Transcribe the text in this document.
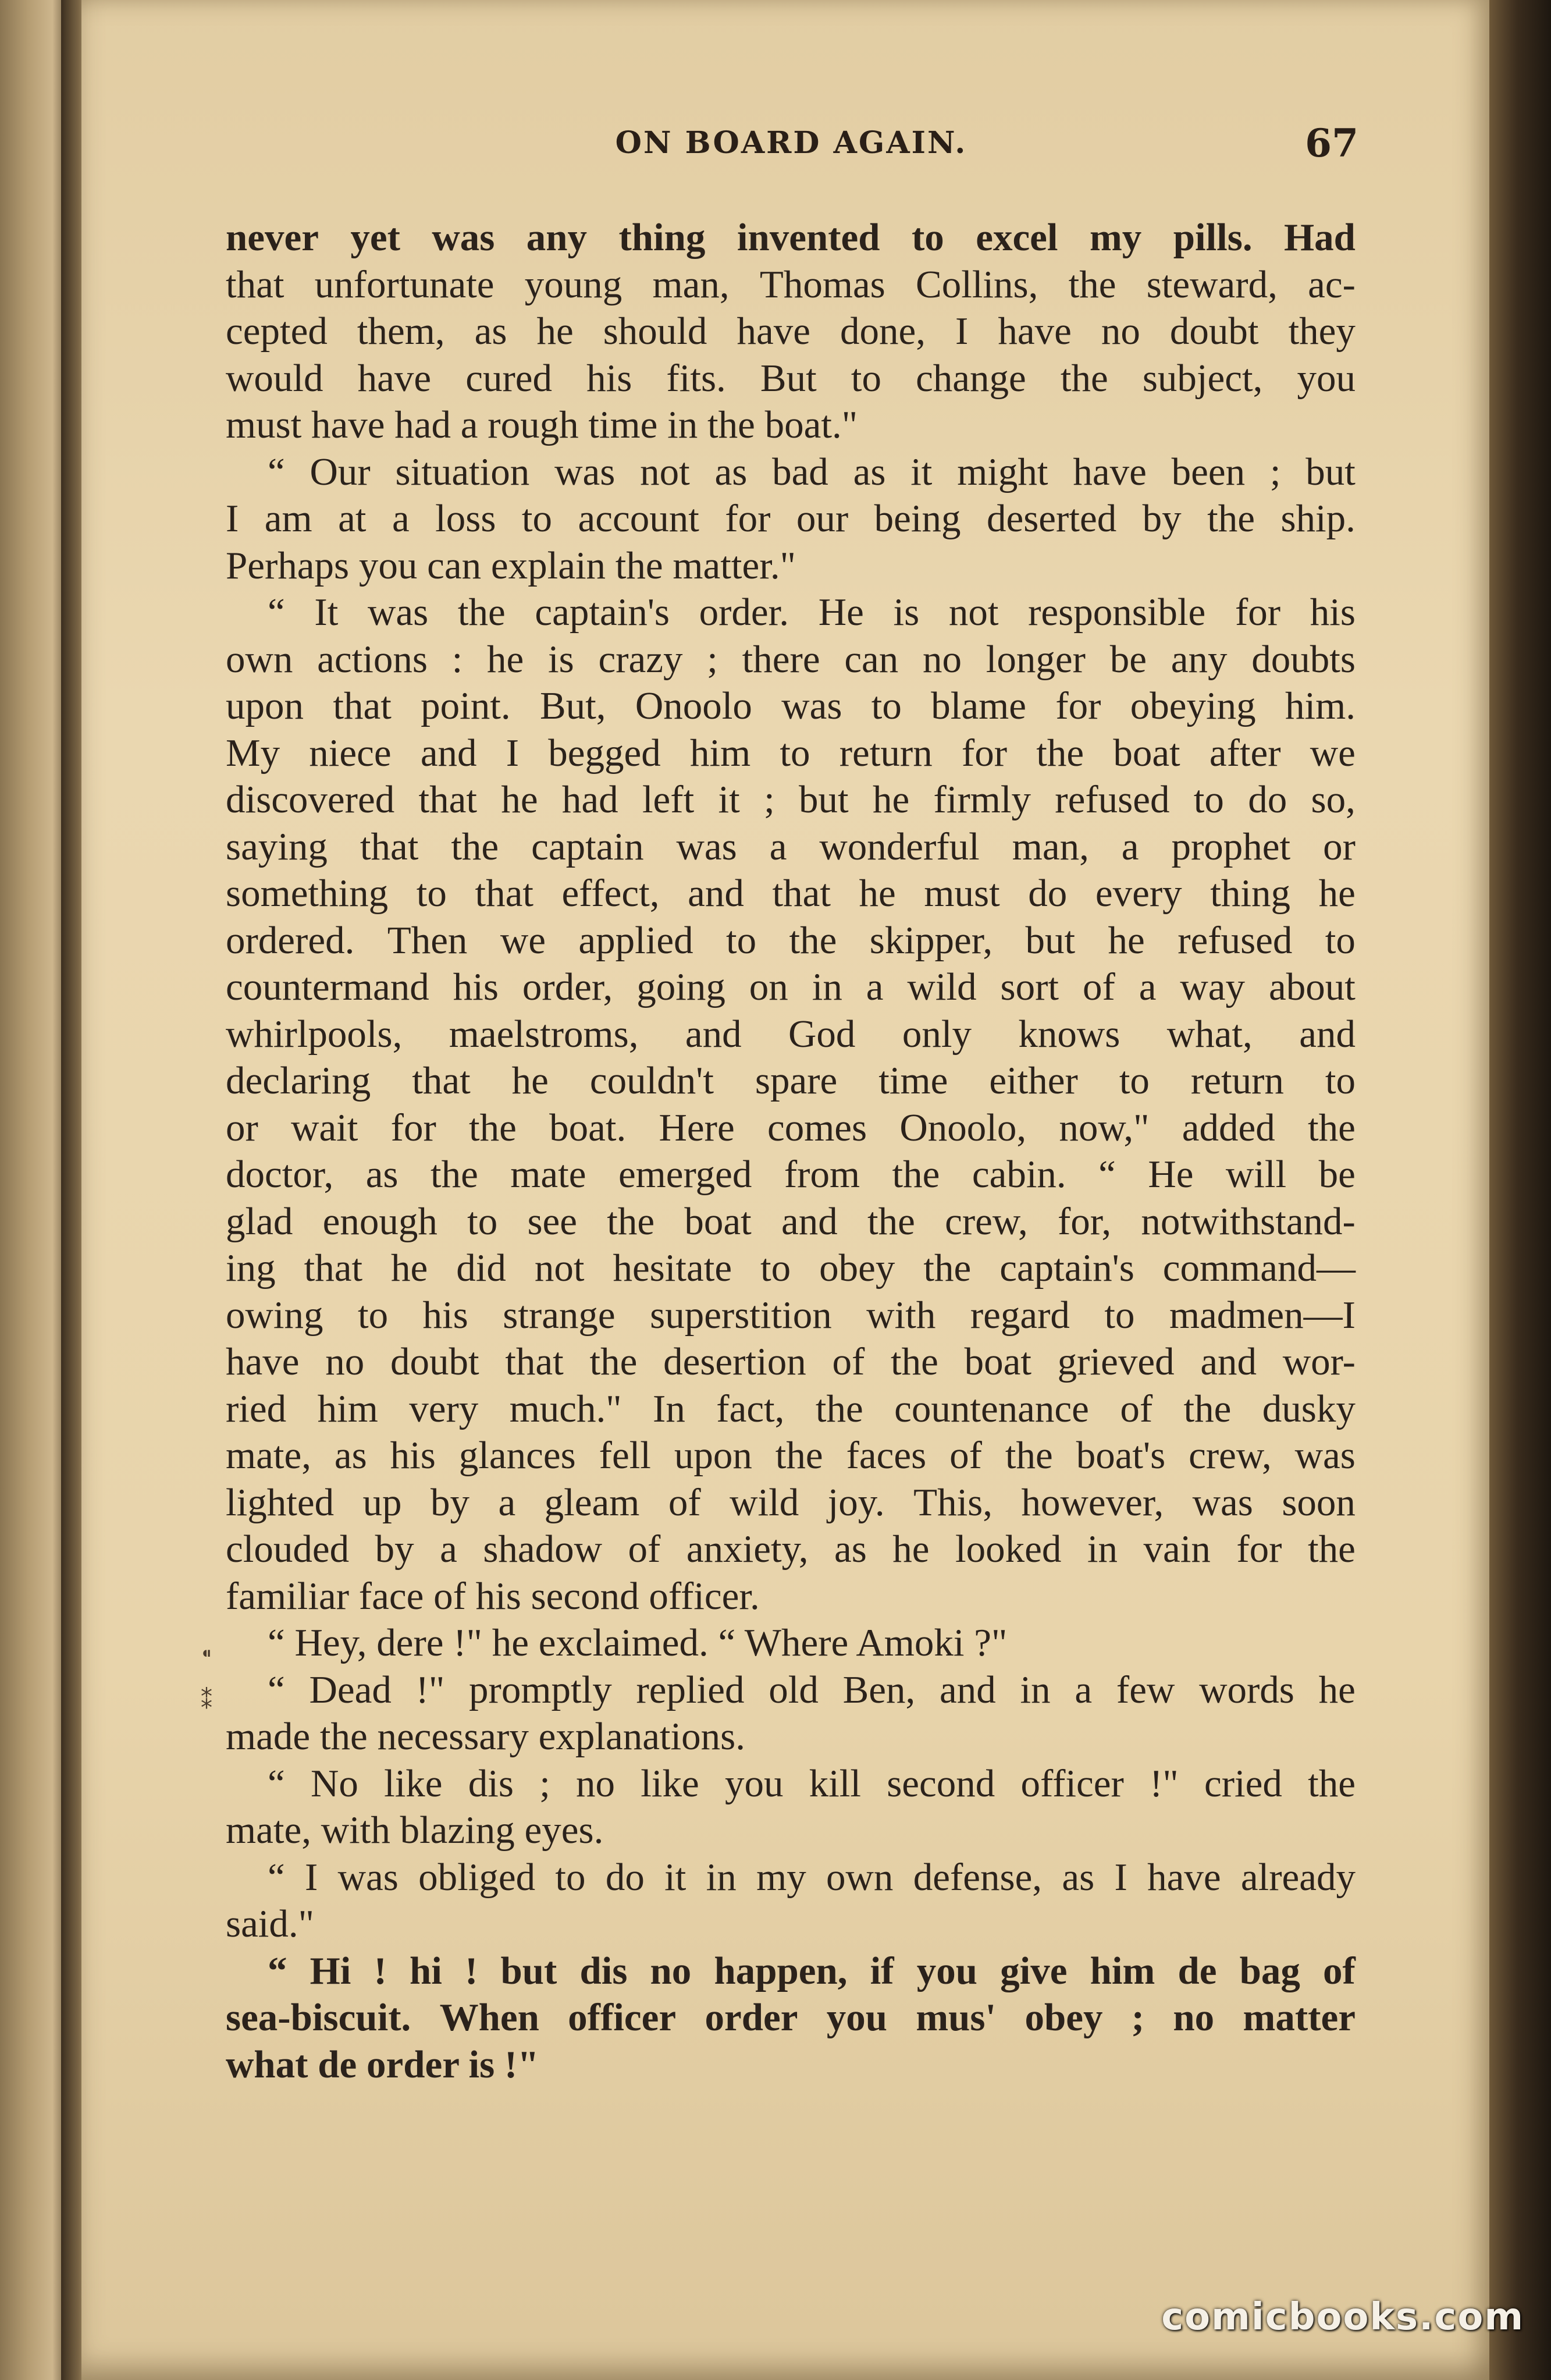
ON BOARD AGAIN.	67
⁌
⁑
never yet was any thing invented to excel my pills. Had
that unfortunate young man, Thomas Collins, the steward, ac-
cepted them, as he should have done, I have no doubt they
would have cured his fits. But to change the subject, you
must have had a rough time in the boat."
“ Our situation was not as bad as it might have been ; but
I am at a loss to account for our being deserted by the ship.
Perhaps you can explain the matter."
“ It was the captain's order. He is not responsible for his
own actions : he is crazy ; there can no longer be any doubts
upon that point. But, Onoolo was to blame for obeying him.
My niece and I begged him to return for the boat after we
discovered that he had left it ; but he firmly refused to do so,
saying that the captain was a wonderful man, a prophet or
something to that effect, and that he must do every thing he
ordered. Then we applied to the skipper, but he refused to
countermand his order, going on in a wild sort of a way about
whirlpools, maelstroms, and God only knows what, and
declaring that he couldn't spare time either to return to
or wait for the boat. Here comes Onoolo, now," added the
doctor, as the mate emerged from the cabin. “ He will be
glad enough to see the boat and the crew, for, notwithstand-
ing that he did not hesitate to obey the captain's command—
owing to his strange superstition with regard to madmen—I
have no doubt that the desertion of the boat grieved and wor-
ried him very much." In fact, the countenance of the dusky
mate, as his glances fell upon the faces of the boat's crew, was
lighted up by a gleam of wild joy. This, however, was soon
clouded by a shadow of anxiety, as he looked in vain for the
familiar face of his second officer.
“ Hey, dere !" he exclaimed. “ Where Amoki ?"
“ Dead !" promptly replied old Ben, and in a few words he
made the necessary explanations.
“ No like dis ; no like you kill second officer !" cried the
mate, with blazing eyes.
“ I was obliged to do it in my own defense, as I have already
said."
“ Hi ! hi ! but dis no happen, if you give him de bag of
sea-biscuit. When officer order you mus' obey ; no matter
what de order is !"
comicbooks.com
